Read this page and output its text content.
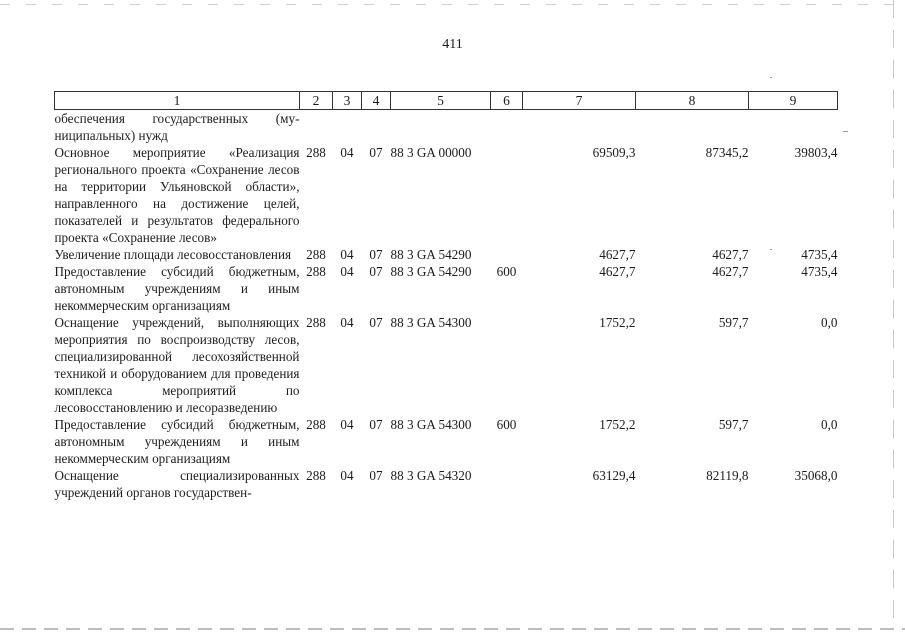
411
1	2	3	4	5	6	7	8	9
обеспечения государственных (му-ниципальных) нужд								
Основное мероприятие «Реализация регионального проекта «Сохранение лесов на территории Ульяновской области», направленного на достижение целей, показателей и результатов федерального проекта «Сохранение лесов»	288	04	07	88 3 GA 00000		69509,3	87345,2	39803,4
Увеличение площади лесовосстановления	288	04	07	88 3 GA 54290		4627,7	4627,7	4735,4
Предоставление субсидий бюджетным, автономным учреждениям и иным некоммерческим организациям	288	04	07	88 3 GA 54290	600	4627,7	4627,7	4735,4
Оснащение учреждений, выполняющих мероприятия по воспроизводству лесов, специализированной лесохозяйственной техникой и оборудованием для проведения комплекса мероприятий по лесовосстановлению и лесоразведению	288	04	07	88 3 GA 54300		1752,2	597,7	0,0
Предоставление субсидий бюджетным, автономным учреждениям и иным некоммерческим организациям	288	04	07	88 3 GA 54300	600	1752,2	597,7	0,0
Оснащение специализированных учреждений органов государствен-	288	04	07	88 3 GA 54320		63129,4	82119,8	35068,0
